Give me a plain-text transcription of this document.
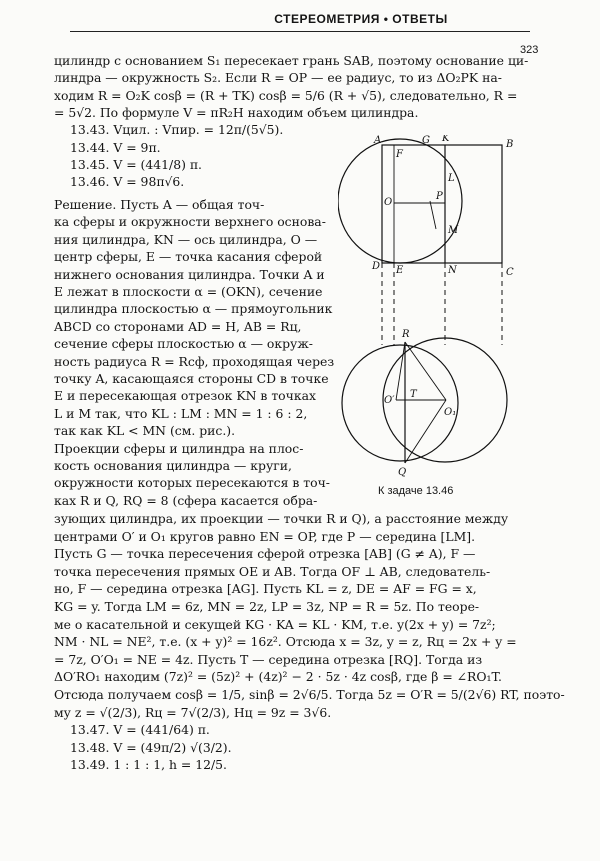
СТЕРЕОМЕТРИЯ • ОТВЕТЫ
323
цилиндр с основанием S₁ пересекает грань SAB, поэтому основание ци-
линдра — окружность S₂. Если R = OP — ее радиус, то из ΔO₂PK на-
ходим R = O₂K cosβ = (R + TK) cosβ = 5/6 (R + √5), следовательно, R =
= 5√2. По формуле V = πR₂H находим объем цилиндра.
13.43. Vцил. : Vпир. = 12π/(5√5).
13.44. V = 9π.
13.45. V = (441/8) π.
13.46. V = 98π√6.
Решение. Пусть A — общая точ-
ка сферы и окружности верхнего основа-
ния цилиндра, KN — ось цилиндра, O —
центр сферы, E — точка касания сферой
нижнего основания цилиндра. Точки A и
E лежат в плоскости α = (OKN), сечение
цилиндра плоскостью α — прямоугольник
ABCD со сторонами AD = H, AB = Rц,
сечение сферы плоскостью α — окруж-
ность радиуса R = Rсф, проходящая через
точку A, касающаяся стороны CD в точке
E и пересекающая отрезок KN в точках
L и M так, что KL : LM : MN = 1 : 6 : 2,
так как KL < MN (см. рис.).
Проекции сферы и цилиндра на плос-
кость основания цилиндра — круги,
окружности которых пересекаются в точ-
ках R и Q, RQ = 8 (сфера касается обра-
зующих цилиндра, их проекции — точки R и Q), а расстояние между
центрами O′ и O₁ кругов равно EN = OP, где P — середина [LM].
Пусть G — точка пересечения сферой отрезка [AB] (G ≠ A), F —
точка пересечения прямых OE и AB. Тогда OF ⊥ AB, следователь-
но, F — середина отрезка [AG]. Пусть KL = z, DE = AF = FG = x,
KG = y. Тогда LM = 6z, MN = 2z, LP = 3z, NP = R = 5z. По теоре-
ме о касательной и секущей KG · KA = KL · KM, т.е. y(2x + y) = 7z²;
NM · NL = NE², т.е. (x + y)² = 16z². Отсюда x = 3z, y = z, Rц = 2x + y =
= 7z, O′O₁ = NE = 4z. Пусть T — середина отрезка [RQ]. Тогда из
ΔO′RO₁ находим (7z)² = (5z)² + (4z)² − 2 · 5z · 4z cosβ, где β = ∠RO₁T.
Отсюда получаем cosβ = 1/5, sinβ = 2√6/5. Тогда 5z = O′R = 5/(2√6) RT, поэто-
му z = √(2/3), Rц = 7√(2/3), Hц = 9z = 3√6.
13.47. V = (441/64) π.
13.48. V = (49π/2) √(3/2).
13.49. 1 : 1 : 1, h = 12/5.
A
F
G K
B
L
O
P
M
D E	N	C
R
O′
T
O₁
Q
К задаче 13.46
